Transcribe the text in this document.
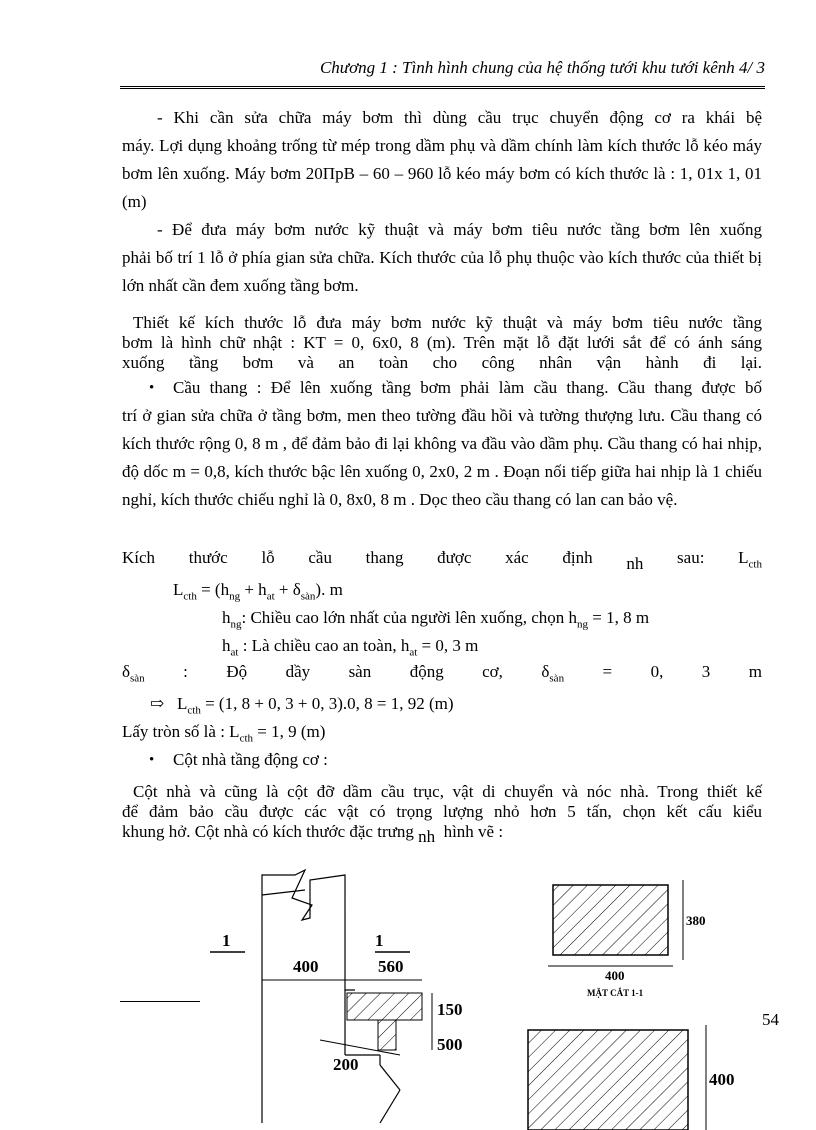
Chương 1 : Tình hình chung của hệ thống tưới khu tưới kênh 4/ 3
- Khi cần sửa chữa máy bơm thì dùng cầu trục chuyển động cơ ra khái bệ
máy. Lợi dụng khoảng trống từ mép trong dầm phụ và dầm chính làm kích thước lỗ kéo máy bơm lên xuống. Máy bơm 20ПрВ – 60 – 960 lỗ kéo máy bơm có kích thước là : 1, 01x 1, 01 (m)
- Để đưa máy bơm nước kỹ thuật và máy bơm tiêu nước tầng bơm lên xuống
phải bố trí 1 lỗ ở phía gian sửa chữa. Kích thước của lỗ phụ thuộc vào kích thước của thiết bị lớn nhất cần đem xuống tầng bơm.
Thiết kế kích thước lỗ đưa máy bơm nước kỹ thuật và máy bơm tiêu nước tầng
bơm là hình chữ nhật : KT = 0, 6x0, 8 (m). Trên mặt lỗ đặt lưới sắt để có ánh sáng
xuống tầng bơm và an toàn cho công nhân vận hành đi lại.
• Cầu thang : Để lên xuống tầng bơm phải làm cầu thang. Cầu thang được bố
trí ở gian sửa chữa ở tầng bơm, men theo tường đầu hồi và tường thượng lưu. Cầu thang có kích thước rộng 0, 8 m , để đảm bảo đi lại không va đầu vào dầm phụ. Cầu thang có hai nhịp, độ dốc m = 0,8, kích thước bậc lên xuống 0, 2x0, 2 m . Đoạn nối tiếp giữa hai nhịp là 1 chiếu nghỉ, kích thước chiếu nghỉ là 0, 8x0, 8 m . Dọc theo cầu thang có lan can bảo vệ.
Kích thước lỗ cầu thang được xác định nh sau: $L_{cth}$
$L_{cth} = (h_{ng} + h_{at} + \delta_{sàn})$. m
$h_{ng}$: Chiều cao lớn nhất của người lên xuống, chọn $h_{ng} = 1$, 8 m
$h_{at}$ : Là chiều cao an toàn, $h_{at} = 0$, 3 m
$\delta_{sàn}$ : Độ dầy sàn động cơ, $\delta_{sàn} = 0$, 3 m
⇨ $L_{cth} = (1$, 8 + 0, 3 + 0, 3).0, 8 = 1, 92 (m)
Lấy tròn số là : $L_{cth} = 1$, 9 (m)
• Cột nhà tầng động cơ :
Cột nhà và cũng là cột đỡ dầm cầu trục, vật di chuyển và nóc nhà. Trong thiết kế
để đảm bảo cầu được các vật có trọng lượng nhỏ hơn 5 tấn, chọn kết cấu kiểu
khung hở. Cột nhà có kích thước đặc trưng nh hình vẽ :
1	1
400	560
150
500
200
380
400
MẶT CẮT 1-1
400
54
